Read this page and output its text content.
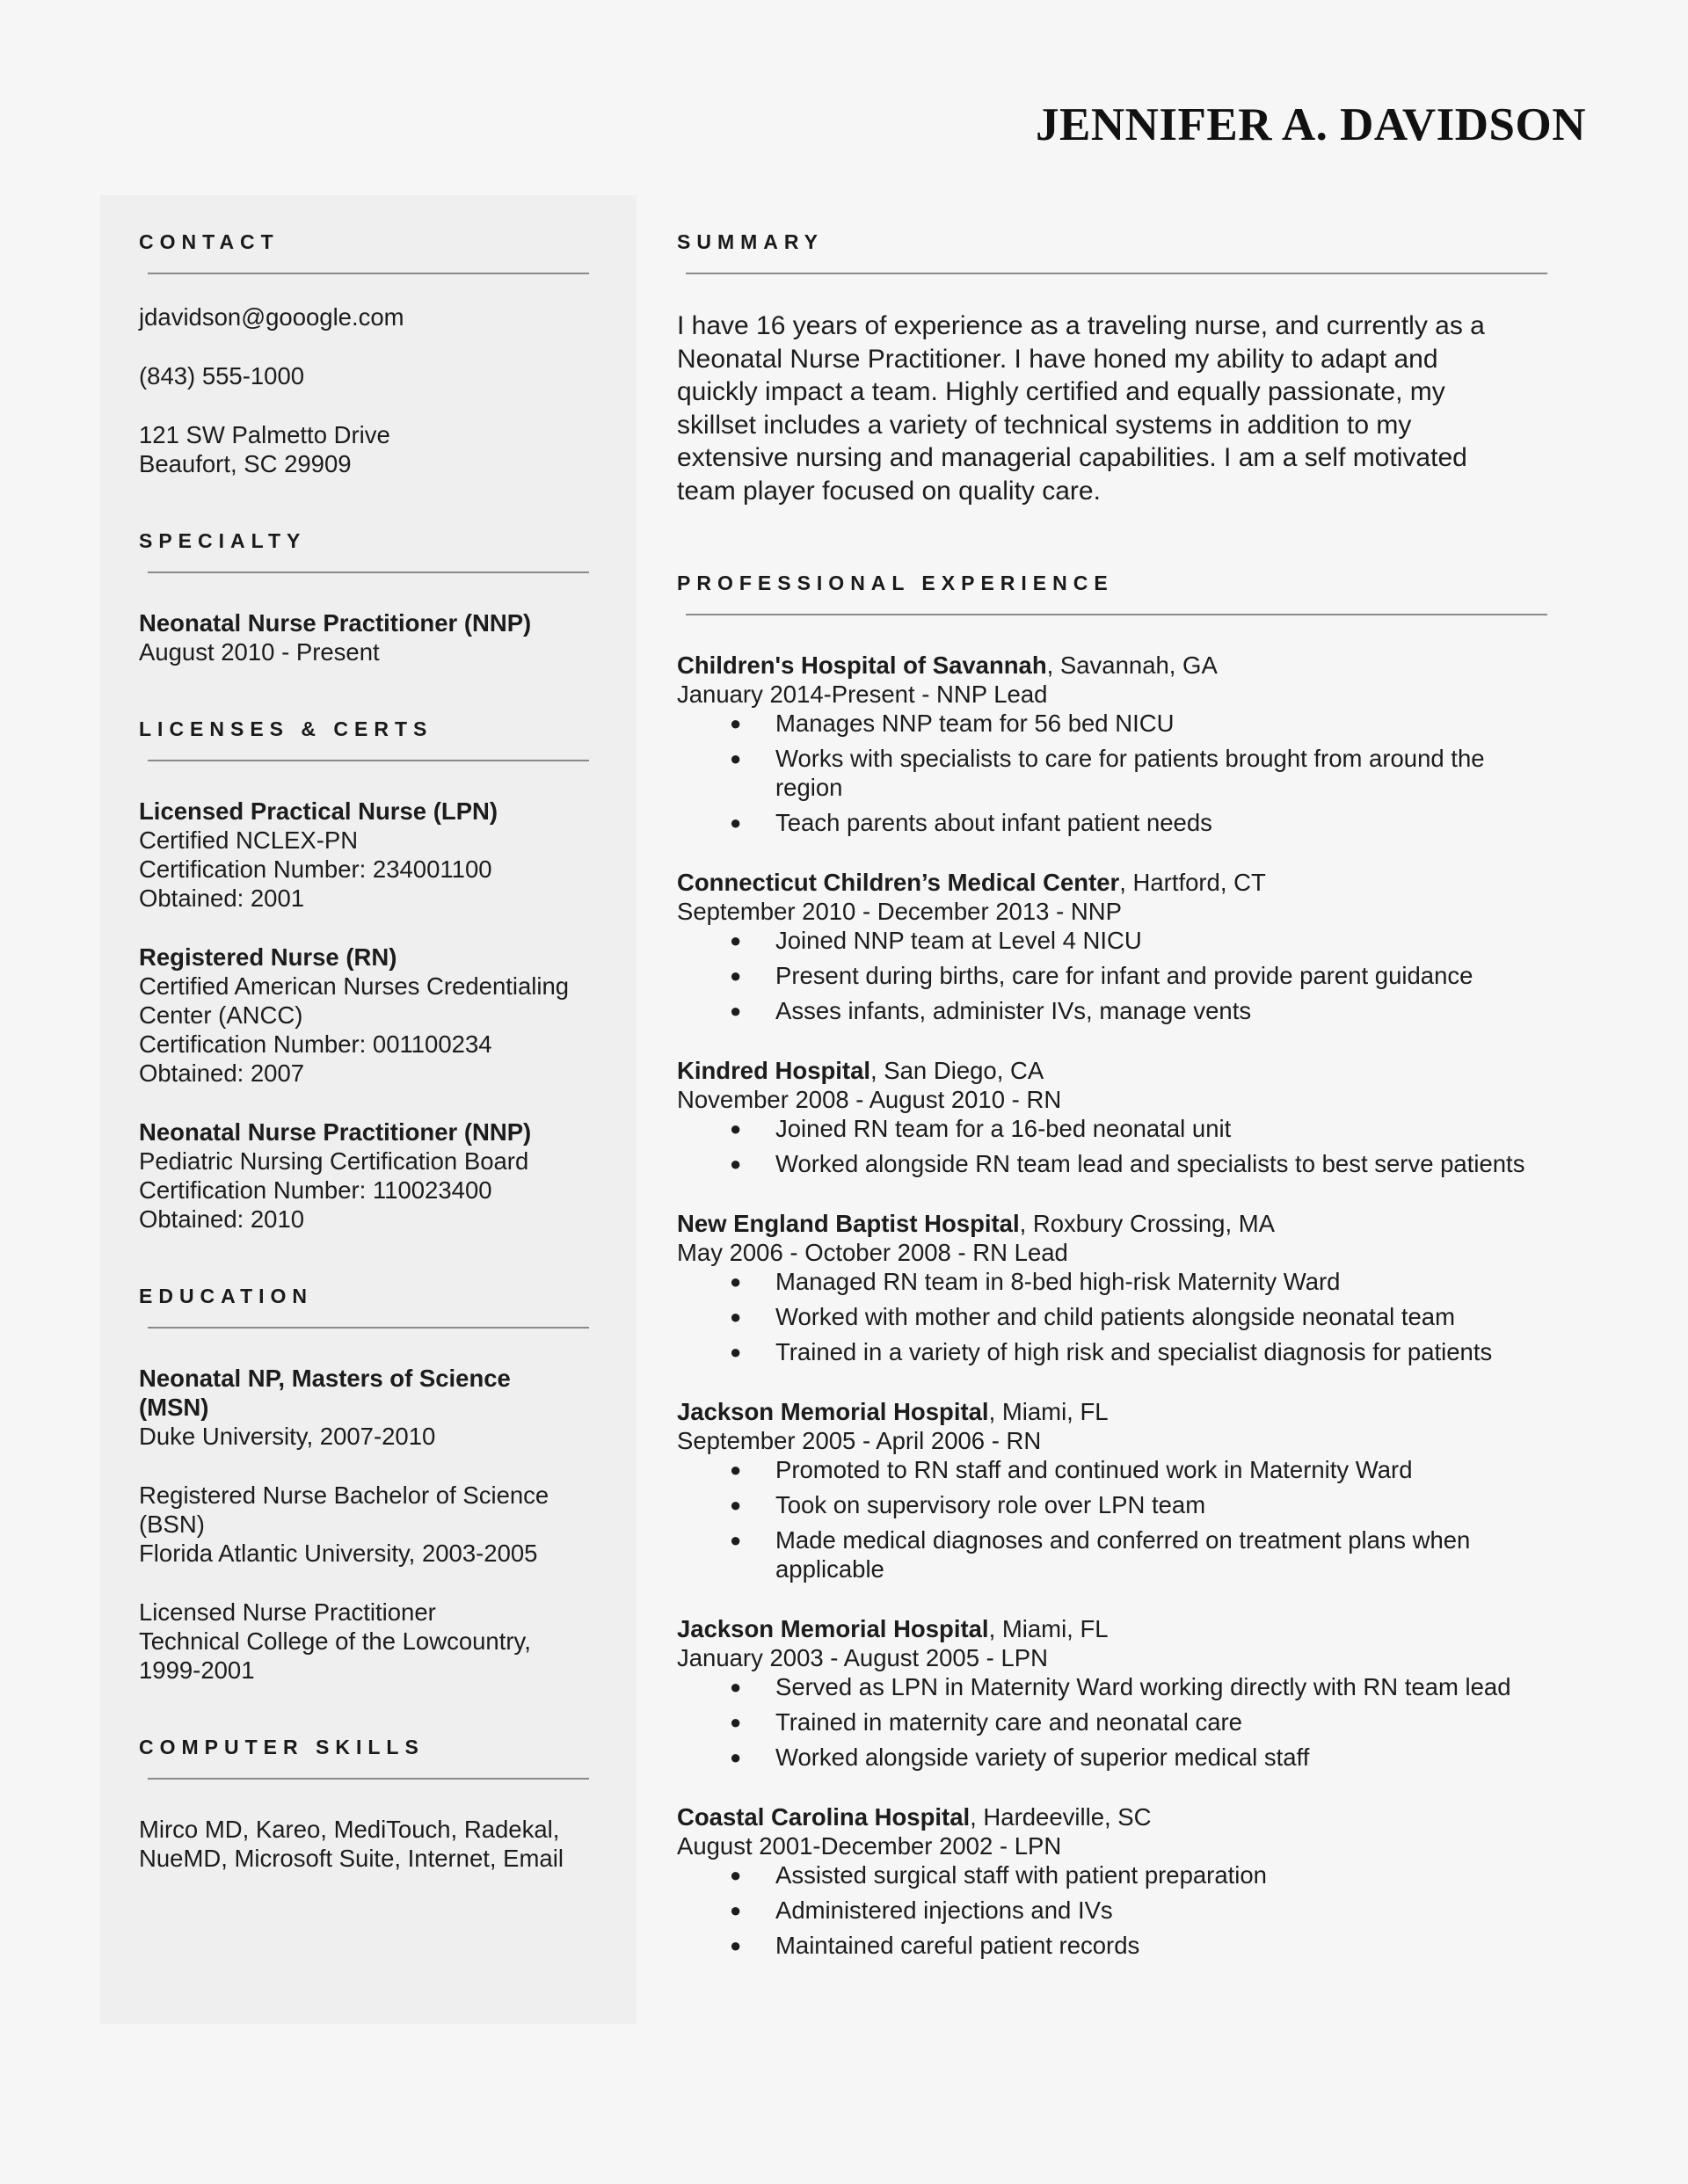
JENNIFER A. DAVIDSON
CONTACT

jdavidson@gooogle.com

(843) 555-1000

121 SW Palmetto Drive

Beaufort, SC 29909

SPECIALTY

Neonatal Nurse Practitioner (NNP)

August 2010 - Present

LICENSES & CERTS

Licensed Practical Nurse (LPN)

Certified NCLEX-PN

Certification Number: 234001100

Obtained: 2001

Registered Nurse (RN)

Certified American Nurses Credentialing

Center (ANCC)

Certification Number: 001100234

Obtained: 2007

Neonatal Nurse Practitioner (NNP)

Pediatric Nursing Certification Board

Certification Number: 110023400

Obtained: 2010

EDUCATION

Neonatal NP, Masters of Science

(MSN)

Duke University, 2007-2010

Registered Nurse Bachelor of Science

(BSN)

Florida Atlantic University, 2003-2005

Licensed Nurse Practitioner

Technical College of the Lowcountry,

1999-2001

COMPUTER SKILLS

Mirco MD, Kareo, MediTouch, Radekal,

NueMD, Microsoft Suite, Internet, Email

SUMMARY
I have 16 years of experience as a traveling nurse, and currently as a
Neonatal Nurse Practitioner. I have honed my ability to adapt and
quickly impact a team. Highly certified and equally passionate, my
skillset includes a variety of technical systems in addition to my
extensive nursing and managerial capabilities. I am a self motivated
team player focused on quality care.
PROFESSIONAL EXPERIENCE

Children's Hospital of Savannah, Savannah, GA

January 2014-Present - NNP Lead

● Manages NNP team for 56 bed NICU
● Works with specialists to care for patients brought from around the
region
● Teach parents about infant patient needs

Connecticut Children’s Medical Center, Hartford, CT

September 2010 - December 2013 - NNP

● Joined NNP team at Level 4 NICU
● Present during births, care for infant and provide parent guidance
● Asses infants, administer IVs, manage vents

Kindred Hospital, San Diego, CA

November 2008 - August 2010 - RN

● Joined RN team for a 16-bed neonatal unit
● Worked alongside RN team lead and specialists to best serve patients

New England Baptist Hospital, Roxbury Crossing, MA

May 2006 - October 2008 - RN Lead

● Managed RN team in 8-bed high-risk Maternity Ward
● Worked with mother and child patients alongside neonatal team
● Trained in a variety of high risk and specialist diagnosis for patients

Jackson Memorial Hospital, Miami, FL

September 2005 - April 2006 - RN

● Promoted to RN staff and continued work in Maternity Ward
● Took on supervisory role over LPN team
● Made medical diagnoses and conferred on treatment plans when
applicable

Jackson Memorial Hospital, Miami, FL

January 2003 - August 2005 - LPN

● Served as LPN in Maternity Ward working directly with RN team lead
● Trained in maternity care and neonatal care
● Worked alongside variety of superior medical staff

Coastal Carolina Hospital, Hardeeville, SC

August 2001-December 2002 - LPN

● Assisted surgical staff with patient preparation
● Administered injections and IVs
● Maintained careful patient records
